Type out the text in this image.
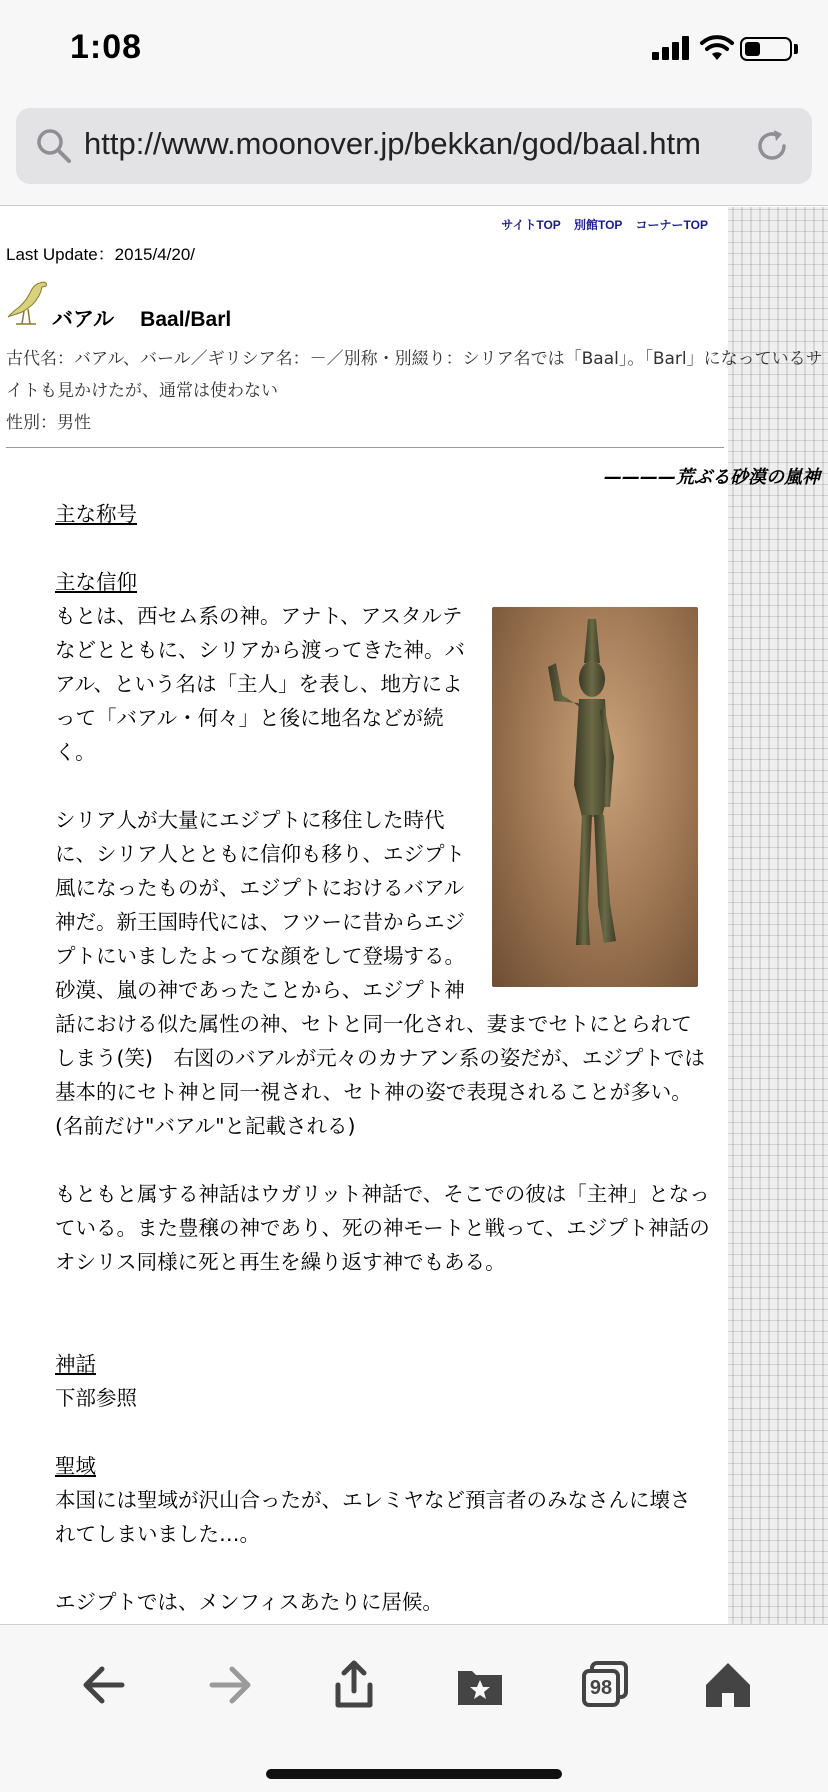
1:08
http://www.moonover.jp/bekkan/god/baal.htm
サイトTOP 別館TOP コーナーTOP
Last Update：2015/4/20/
バアル Baal/Barl
古代名：バアル、バール／ギリシア名：－／別称・別綴り：シリア名では「Baal」。「Barl」になっているサイトも見かけたが、通常は使わない
性別：男性
————荒ぶる砂漠の嵐神
主な称号
主な信仰

もとは、西セム系の神。アナト、アスタルテなどとともに、シリアから渡ってきた神。バアル、という名は「主人」を表し、地方によって「バアル・何々」と後に地名などが続く。

シリア人が大量にエジプトに移住した時代に、シリア人とともに信仰も移り、エジプト風になったものが、エジプトにおけるバアル神だ。新王国時代には、フツーに昔からエジプトにいましたよってな顔をして登場する。砂漠、嵐の神であったことから、エジプト神話における似た属性の神、セトと同一化され、妻までセトにとられてしまう(笑)　右図のバアルが元々のカナアン系の姿だが、エジプトでは基本的にセト神と同一視され、セト神の姿で表現されることが多い。(名前だけ"バアル"と記載される)

もともと属する神話はウガリット神話で、そこでの彼は「主神」となっている。また豊穣の神であり、死の神モートと戦って、エジプト神話のオシリス同様に死と再生を繰り返す神でもある。

神話

下部参照

聖域

本国には聖域が沢山合ったが、エレミヤなど預言者のみなさんに壊されてしまいました…。

エジプトでは、メンフィスあたりに居候。

98
